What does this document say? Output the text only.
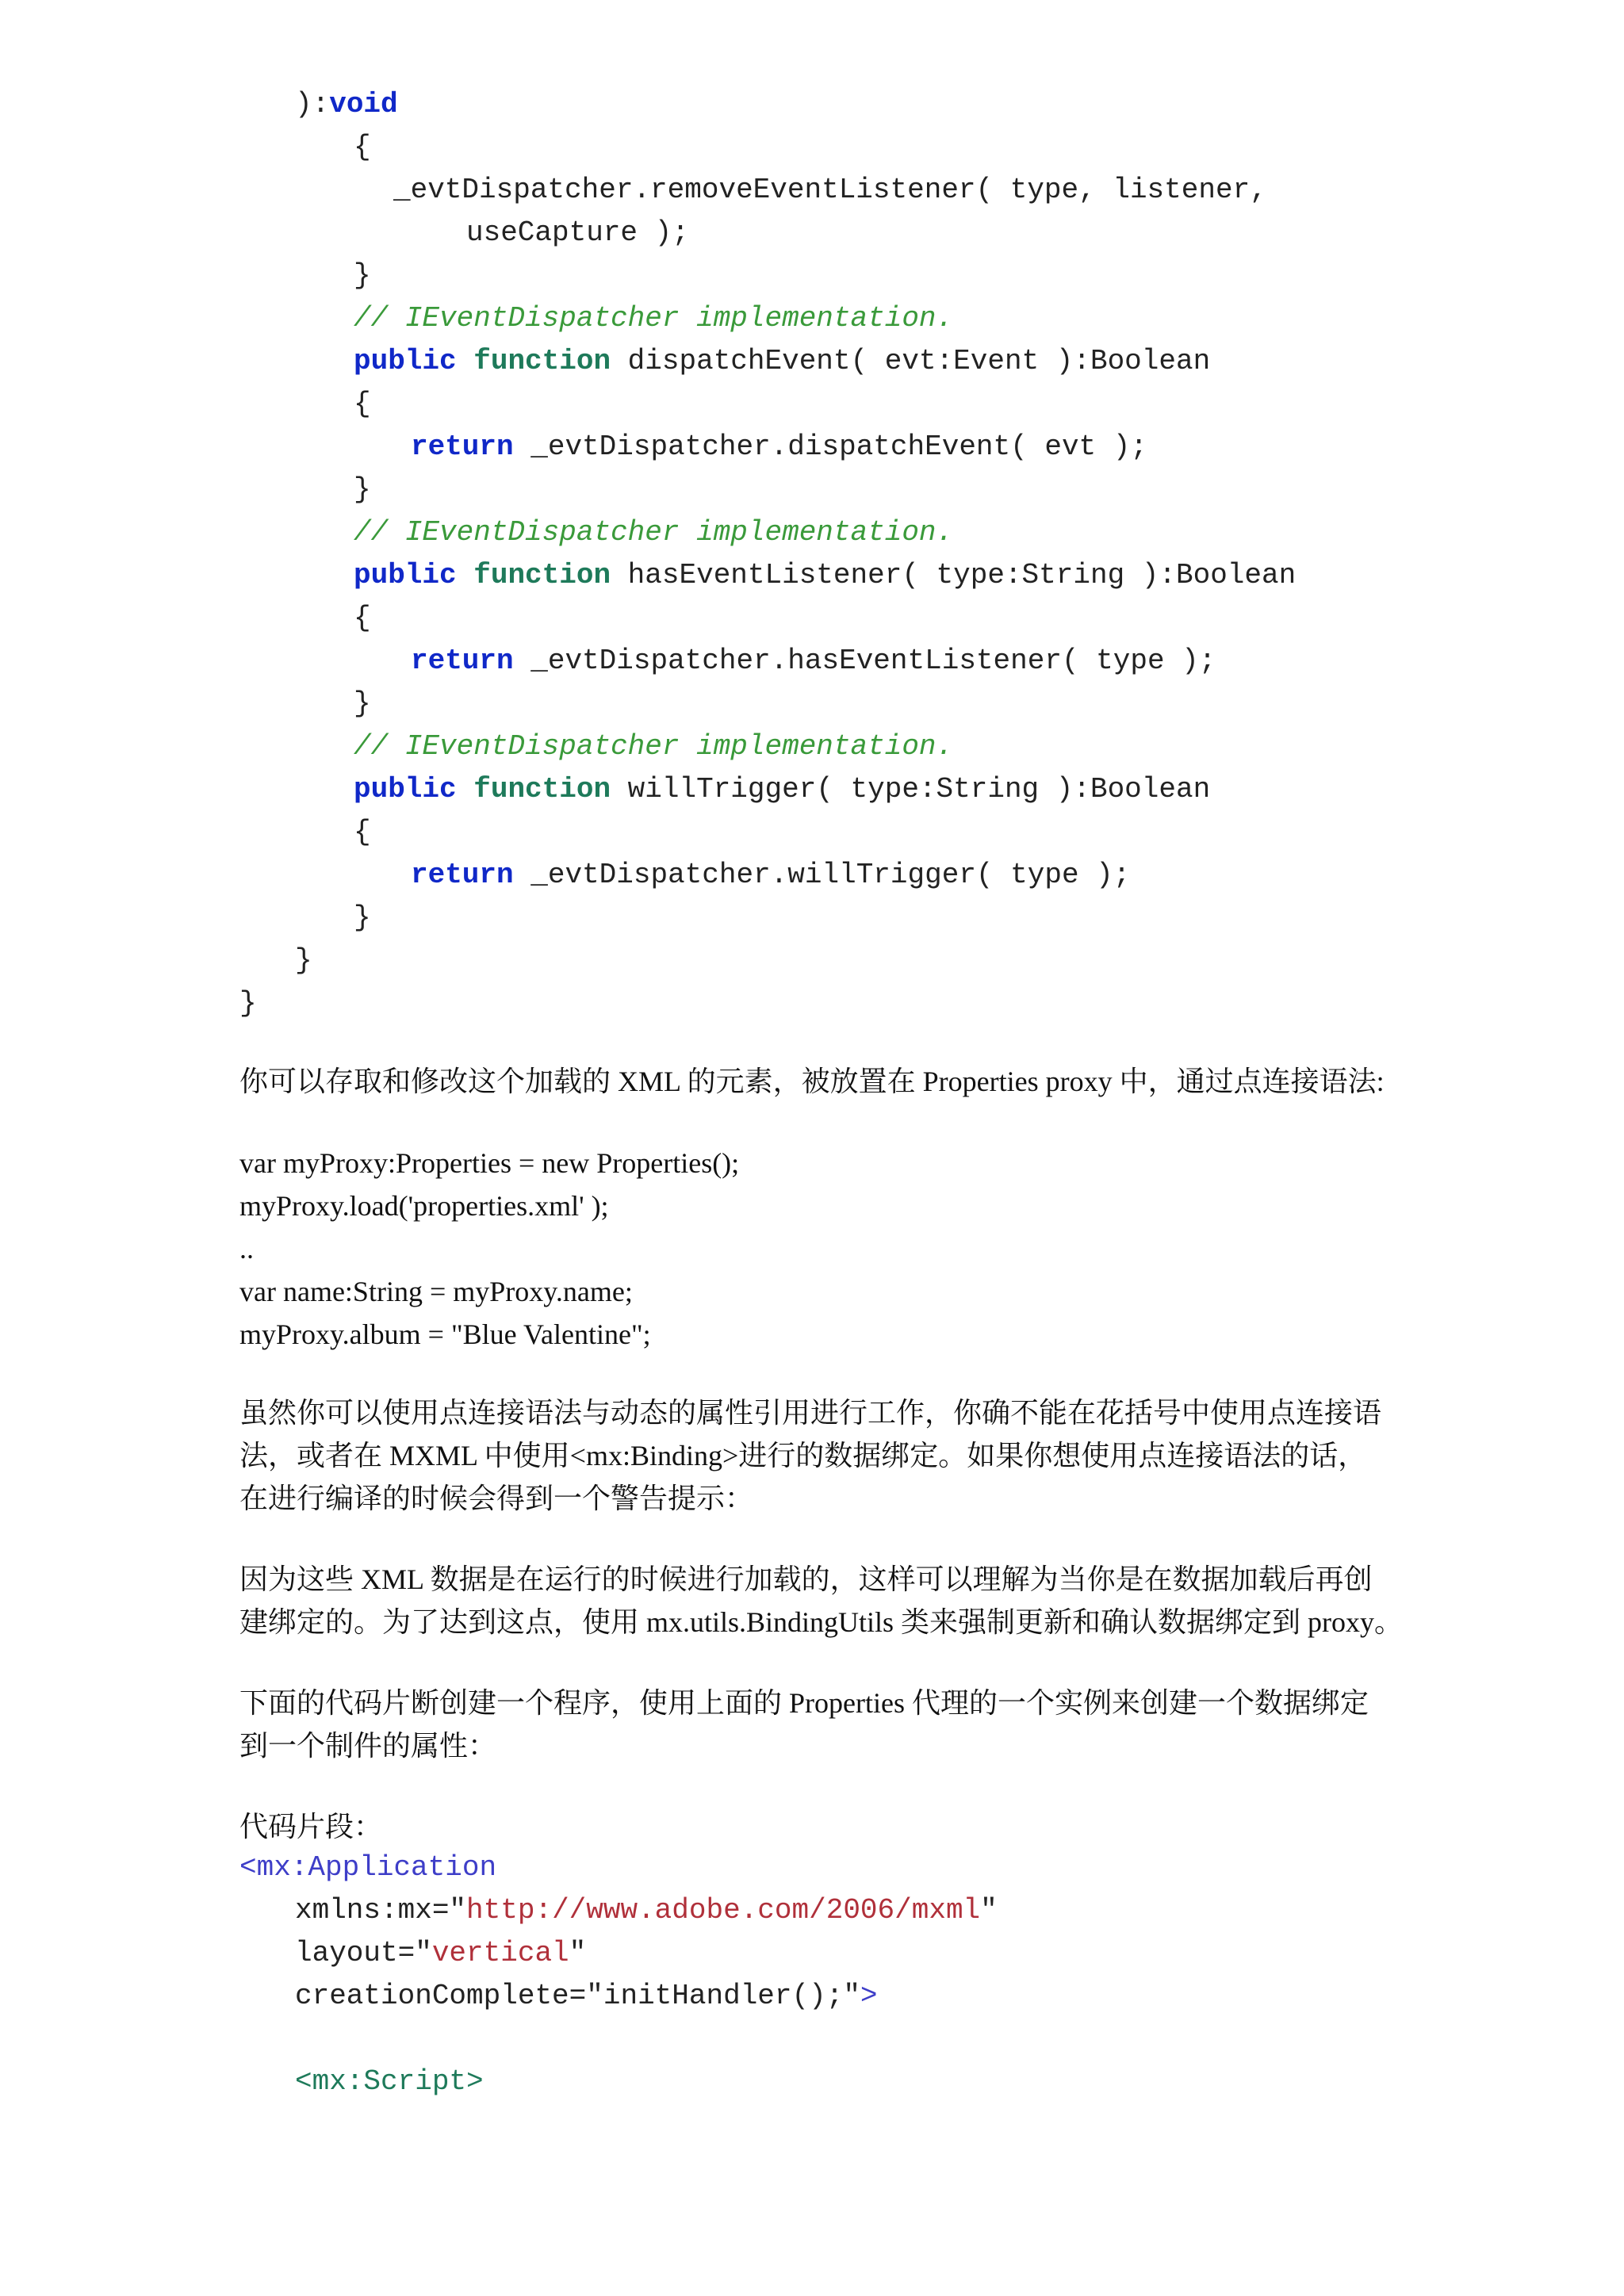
):void
{
_evtDispatcher.removeEventListener( type, listener,
useCapture );
}
// IEventDispatcher implementation.
public function dispatchEvent( evt:Event ):Boolean
{
return _evtDispatcher.dispatchEvent( evt );
}
// IEventDispatcher implementation.
public function hasEventListener( type:String ):Boolean
{
return _evtDispatcher.hasEventListener( type );
}
// IEventDispatcher implementation.
public function willTrigger( type:String ):Boolean
{
return _evtDispatcher.willTrigger( type );
}
}
}
你可以存取和修改这个加载的 XML 的元素，被放置在 Properties proxy 中，通过点连接语法:
var myProxy:Properties = new Properties();
myProxy.load('properties.xml' );
..
var name:String = myProxy.name;
myProxy.album = "Blue Valentine";
虽然你可以使用点连接语法与动态的属性引用进行工作，你确不能在花括号中使用点连接语
法，或者在 MXML 中使用<mx:Binding>进行的数据绑定。如果你想使用点连接语法的话，
在进行编译的时候会得到一个警告提示：
因为这些 XML 数据是在运行的时候进行加载的，这样可以理解为当你是在数据加载后再创
建绑定的。为了达到这点，使用 mx.utils.BindingUtils 类来强制更新和确认数据绑定到 proxy。
下面的代码片断创建一个程序，使用上面的 Properties 代理的一个实例来创建一个数据绑定
到一个制件的属性：
代码片段：
<mx:Application
xmlns:mx="http://www.adobe.com/2006/mxml"
layout="vertical"
creationComplete="initHandler();">
<mx:Script>
